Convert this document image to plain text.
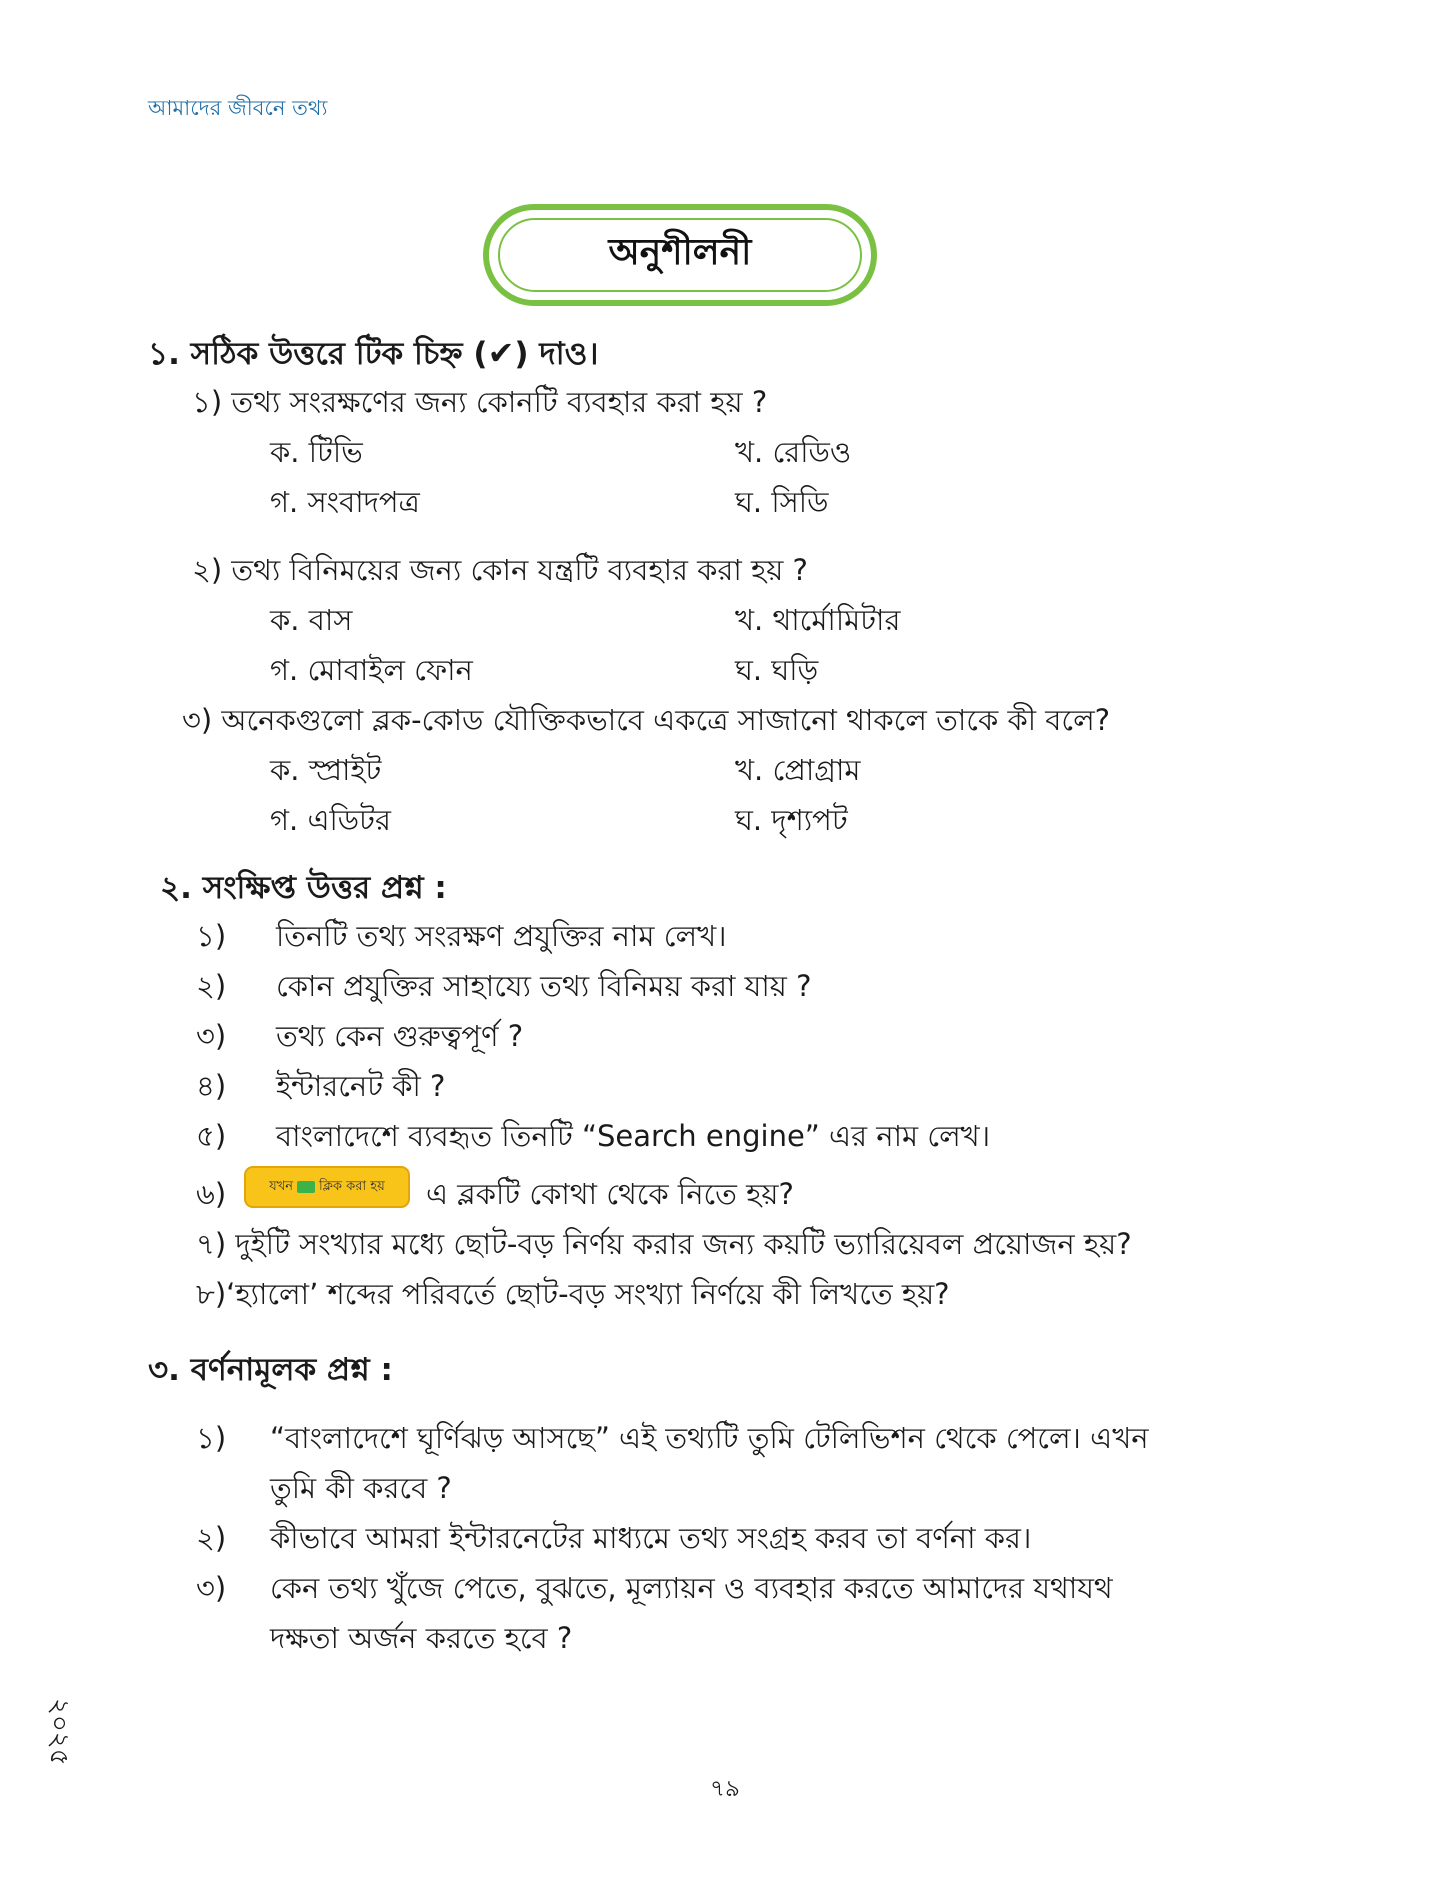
আমাদের জীবনে তথ্য
অনুশীলনী
১. সঠিক উত্তরে টিক চিহ্ন (✔) দাও।
১) তথ্য সংরক্ষণের জন্য কোনটি ব্যবহার করা হয় ?
ক. টিভি	খ. রেডিও
গ. সংবাদপত্র	ঘ. সিডি
২) তথ্য বিনিময়ের জন্য কোন যন্ত্রটি ব্যবহার করা হয় ?
ক. বাস	খ. থার্মোমিটার
গ. মোবাইল ফোন	ঘ. ঘড়ি
৩) অনেকগুলো ব্লক-কোড যৌক্তিকভাবে একত্রে সাজানো থাকলে তাকে কী বলে?
ক. স্প্রাইট	খ. প্রোগ্রাম
গ. এডিটর	ঘ. দৃশ্যপট
২. সংক্ষিপ্ত উত্তর প্রশ্ন :
১) তিনটি তথ্য সংরক্ষণ প্রযুক্তির নাম লেখ।
২) কোন প্রযুক্তির সাহায্যে তথ্য বিনিময় করা যায় ?
৩) তথ্য কেন গুরুত্বপূর্ণ ?
৪) ইন্টারনেট কী ?
৫) বাংলাদেশে ব্যবহৃত তিনটি “Search engine” এর নাম লেখ।
৬)	যখন ক্লিক করা হয় এ ব্লকটি কোথা থেকে নিতে হয়?
৭) দুইটি সংখ্যার মধ্যে ছোট-বড় নির্ণয় করার জন্য কয়টি ভ্যারিয়েবল প্রয়োজন হয়?
৮)‘হ্যালো’ শব্দের পরিবর্তে ছোট-বড় সংখ্যা নির্ণয়ে কী লিখতে হয়?
৩. বর্ণনামূলক প্রশ্ন :
১) “বাংলাদেশে ঘূর্ণিঝড় আসছে” এই তথ্যটি তুমি টেলিভিশন থেকে পেলে। এখন
তুমি কী করবে ?
২) কীভাবে আমরা ইন্টারনেটের মাধ্যমে তথ্য সংগ্রহ করব তা বর্ণনা কর।
৩) কেন তথ্য খুঁজে পেতে, বুঝতে, মূল্যায়ন ও ব্যবহার করতে আমাদের যথাযথ
দক্ষতা অর্জন করতে হবে ?
২০২৫
৭৯
